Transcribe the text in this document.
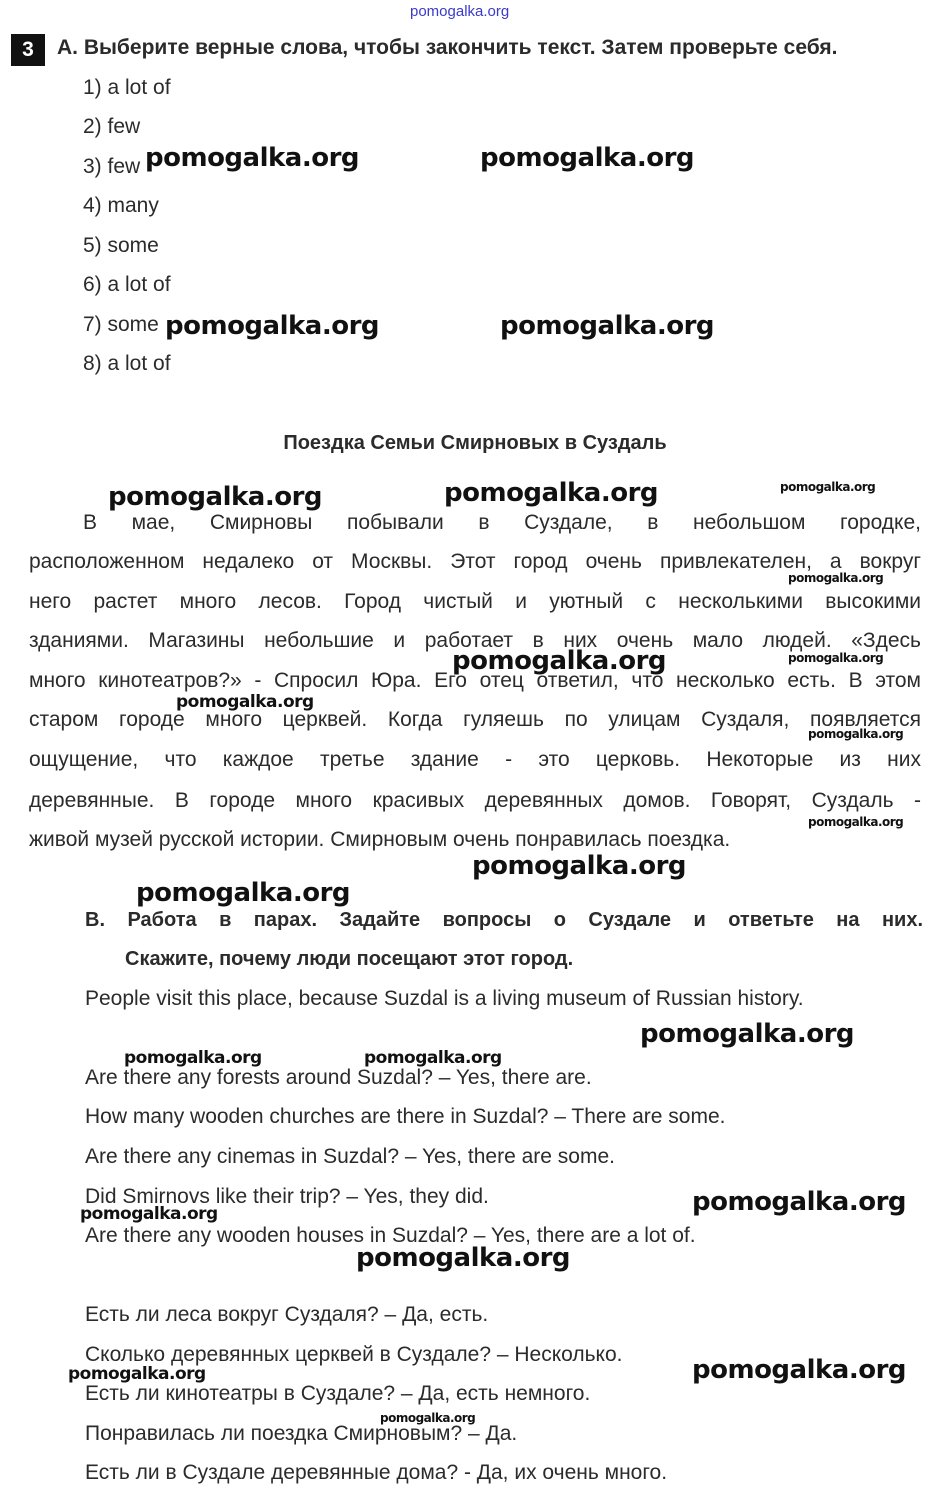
pomogalka.org
3	A. Выберите верные слова, чтобы закончить текст. Затем проверьте себя.
1) a lot of
2) few
3) few
4) many
5) some
6) a lot of
7) some
8) a lot of
Поездка Семьи Смирновых в Суздаль
В мае, Смирновы побывали в Суздале, в небольшом городке,
расположенном недалеко от Москвы. Этот город очень привлекателен, а вокруг
него растет много лесов. Город чистый и уютный с несколькими высокими
зданиями. Магазины небольшие и работает в них очень мало людей. «Здесь
много кинотеатров?» - Спросил Юра. Его отец ответил, что несколько есть. В этом
старом городе много церквей. Когда гуляешь по улицам Суздаля, появляется
ощущение, что каждое третье здание - это церковь. Некоторые из них
деревянные. В городе много красивых деревянных домов. Говорят, Суздаль -
живой музей русской истории. Смирновым очень понравилась поездка.
B. Работа в парах. Задайте вопросы о Суздале и ответьте на них.
Скажите, почему люди посещают этот город.
People visit this place, because Suzdal is a living museum of Russian history.
Are there any forests around Suzdal? – Yes, there are.
How many wooden churches are there in Suzdal? – There are some.
Are there any cinemas in Suzdal? – Yes, there are some.
Did Smirnovs like their trip? – Yes, they did.
Are there any wooden houses in Suzdal? – Yes, there are a lot of.
Есть ли леса вокруг Суздаля? – Да, есть.
Сколько деревянных церквей в Суздале? – Несколько.
Есть ли кинотеатры в Суздале? – Да, есть немного.
Понравилась ли поездка Смирновым? – Да.
Есть ли в Суздале деревянные дома? - Да, их очень много.
pomogalka.org	pomogalka.org
pomogalka.org	pomogalka.org
pomogalka.org	pomogalka.org	pomogalka.org
pomogalka.org
pomogalka.org	pomogalka.org
pomogalka.org
pomogalka.org
pomogalka.org
pomogalka.org
pomogalka.org
pomogalka.org
pomogalka.org	pomogalka.org
pomogalka.org
pomogalka.org
pomogalka.org
pomogalka.org
pomogalka.org
pomogalka.org
